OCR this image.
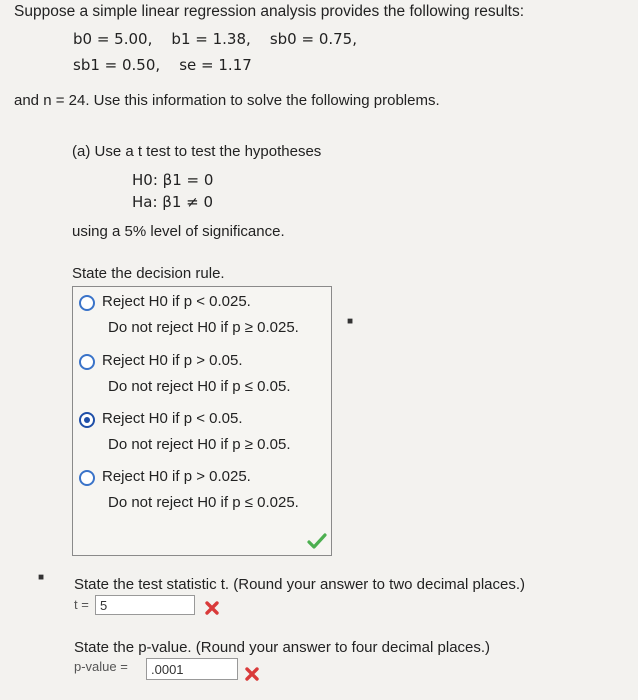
Suppose a simple linear regression analysis provides the following results:
b0 = 5.00, b1 = 1.38, sb0 = 0.75,
sb1 = 0.50, se = 1.17
and n = 24. Use this information to solve the following problems.
(a) Use a t test to test the hypotheses
H0: β1 = 0
Ha: β1 ≠ 0
using a 5% level of significance.
State the decision rule.
Reject H0 if p < 0.025.
Do not reject H0 if p ≥ 0.025.
Reject H0 if p > 0.05.
Do not reject H0 if p ≤ 0.05.
Reject H0 if p < 0.05.
Do not reject H0 if p ≥ 0.05.
Reject H0 if p > 0.025.
Do not reject H0 if p ≤ 0.025.
■
■ State the test statistic t. (Round your answer to two decimal places.)
t =
5
State the p-value. (Round your answer to four decimal places.)
p-value =
.0001
